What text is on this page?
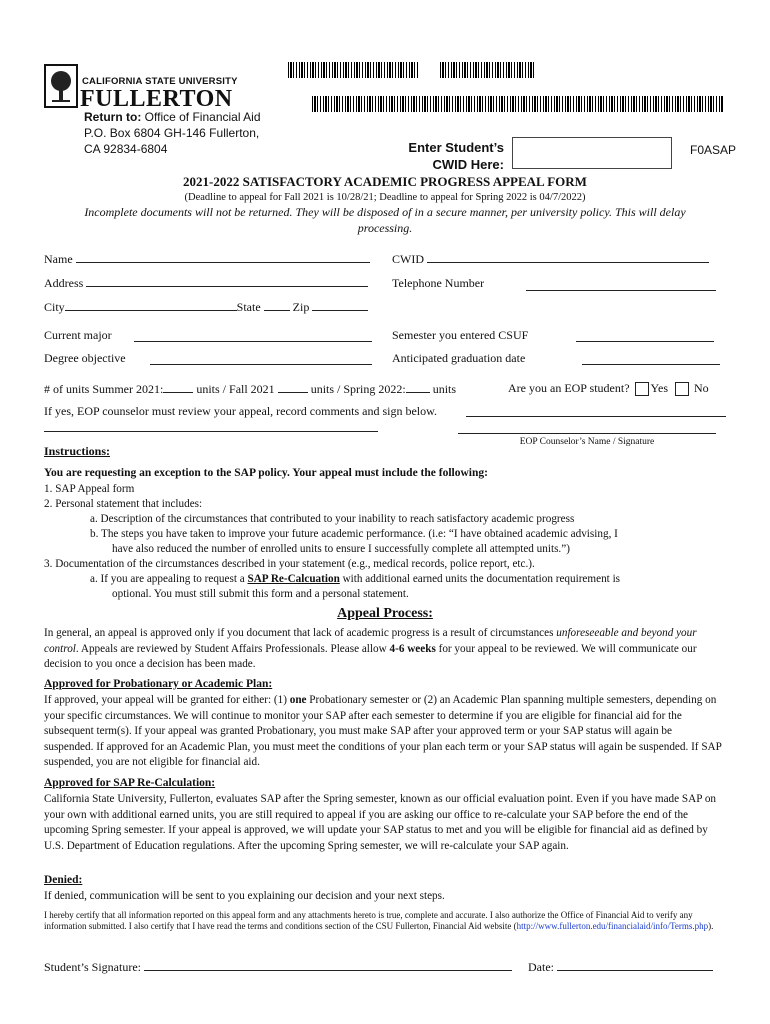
CALIFORNIA STATE UNIVERSITY
FULLERTON
Return to: Office of Financial Aid
P.O. Box 6804 GH-146 Fullerton,
CA 92834-6804	Enter Student’s
CWID Here:
F0ASAP
2021-2022 SATISFACTORY ACADEMIC PROGRESS APPEAL FORM
(Deadline to appeal for Fall 2021 is 10/28/21; Deadline to appeal for Spring 2022 is 04/7/2022)
Incomplete documents will not be returned. They will be disposed of in a secure manner, per university policy. This will delay processing.
Name	CWID
Address	Telephone Number
City	State	Zip
Current major	Semester you entered CSUF
Degree objective	Anticipated graduation date
# of units Summer 2021:	units / Fall 2021	units / Spring 2022: units	Are you an EOP student? Yes No
If yes, EOP counselor must review your appeal, record comments and sign below.
EOP Counselor’s Name / Signature
Instructions:
You are requesting an exception to the SAP policy. Your appeal must include the following:
1. SAP Appeal form
2. Personal statement that includes:
a. Description of the circumstances that contributed to your inability to reach satisfactory academic progress
b. The steps you have taken to improve your future academic performance. (i.e: “I have obtained academic advising, I
have also reduced the number of enrolled units to ensure I successfully complete all attempted units.”)
3. Documentation of the circumstances described in your statement (e.g., medical records, police report, etc.).
a. If you are appealing to request a SAP Re-Calcuation with additional earned units the documentation requirement is
optional. You must still submit this form and a personal statement.
Appeal Process:
In general, an appeal is approved only if you document that lack of academic progress is a result of circumstances unforeseeable and beyond your control. Appeals are reviewed by Student Affairs Professionals. Please allow 4-6 weeks for your appeal to be reviewed. We will communicate our decision to you once a decision has been made.
Approved for Probationary or Academic Plan:
If approved, your appeal will be granted for either: (1) one Probationary semester or (2) an Academic Plan spanning multiple semesters, depending on your specific circumstances. We will continue to monitor your SAP after each semester to determine if you are eligible for financial aid for the subsequent term(s). If your appeal was granted Probationary, you must make SAP after your approved term or your SAP status will again be suspended. If approved for an Academic Plan, you must meet the conditions of your plan each term or your SAP status will again be suspended. If SAP suspended, you are not eligible for financial aid.
Approved for SAP Re-Calculation:
California State University, Fullerton, evaluates SAP after the Spring semester, known as our official evaluation point. Even if you have made SAP on your own with additional earned units, you are still required to appeal if you are asking our office to re-calculate your SAP before the end of the upcoming Spring semester. If your appeal is approved, we will update your SAP status to met and you will be eligible for financial aid as defined by U.S. Department of Education regulations. After the upcoming Spring semester, we will re-calculate your SAP again.
Denied:
If denied, communication will be sent to you explaining our decision and your next steps.
I hereby certify that all information reported on this appeal form and any attachments hereto is true, complete and accurate. I also authorize the Office of Financial Aid to verify any information submitted. I also certify that I have read the terms and conditions section of the CSU Fullerton, Financial Aid website (http://www.fullerton.edu/financialaid/info/Terms.php).
Student’s Signature:	Date:
